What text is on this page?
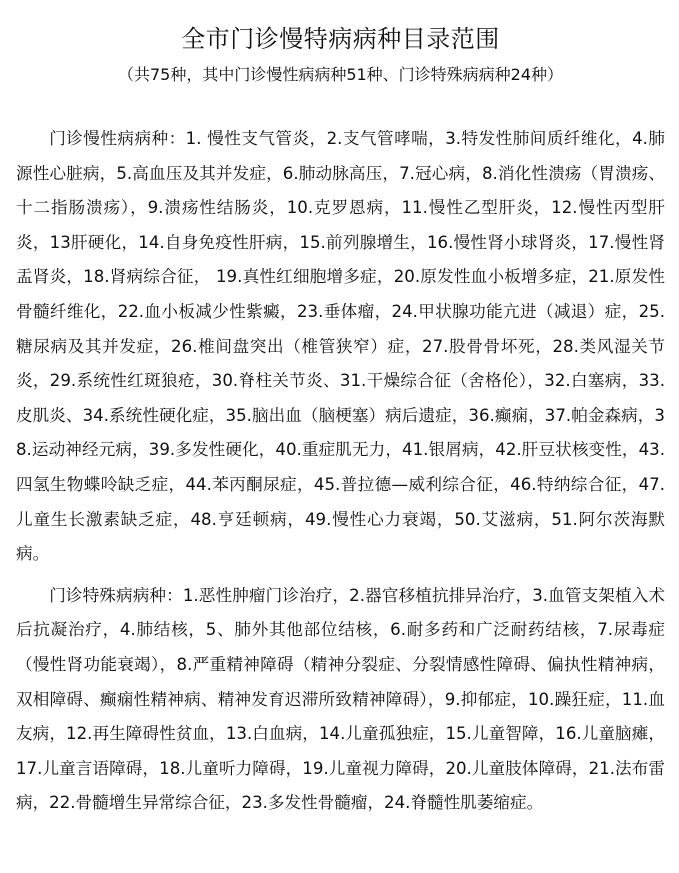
全市门诊慢特病病种目录范围

（共75种，其中门诊慢性病病种51种、门诊特殊病病种24种）

门诊慢性病病种：1. 慢性支气管炎，2.支气管哮喘，3.特发性肺间质纤维化，4.肺源性心脏病，5.高血压及其并发症，6.肺动脉高压，7.冠心病，8.消化性溃疡（胃溃疡、十二指肠溃疡），9.溃疡性结肠炎，10.克罗恩病，11.慢性乙型肝炎，12.慢性丙型肝炎，13肝硬化，14.自身免疫性肝病，15.前列腺增生，16.慢性肾小球肾炎，17.慢性肾盂肾炎，18.肾病综合征， 19.真性红细胞增多症，20.原发性血小板增多症，21.原发性骨髓纤维化，22.血小板减少性紫癜，23.垂体瘤，24.甲状腺功能亢进（减退）症，25.糖尿病及其并发症，26.椎间盘突出（椎管狭窄）症，27.股骨骨坏死，28.类风湿关节炎，29.系统性红斑狼疮，30.脊柱关节炎、31.干燥综合征（舍格伦），32.白塞病，33.皮肌炎、34.系统性硬化症，35.脑出血（脑梗塞）病后遗症，36.癫痫，37.帕金森病，38.运动神经元病，39.多发性硬化，40.重症肌无力，41.银屑病，42.肝豆状核变性，43.四氢生物蝶呤缺乏症，44.苯丙酮尿症，45.普拉德—威利综合征，46.特纳综合征，47.儿童生长激素缺乏症，48.亨廷顿病，49.慢性心力衰竭，50.艾滋病，51.阿尔茨海默病。

门诊特殊病病种：1.恶性肿瘤门诊治疗，2.器官移植抗排异治疗，3.血管支架植入术后抗凝治疗，4.肺结核，5、肺外其他部位结核，6.耐多药和广泛耐药结核，7.尿毒症（慢性肾功能衰竭），8.严重精神障碍（精神分裂症、分裂情感性障碍、偏执性精神病，双相障碍、癫痫性精神病、精神发育迟滞所致精神障碍），9.抑郁症，10.躁狂症，11.血友病，12.再生障碍性贫血，13.白血病，14.儿童孤独症，15.儿童智障，16.儿童脑瘫，17.儿童言语障碍，18.儿童听力障碍，19.儿童视力障碍，20.儿童肢体障碍，21.法布雷病，22.骨髓增生异常综合征，23.多发性骨髓瘤，24.脊髓性肌萎缩症。
